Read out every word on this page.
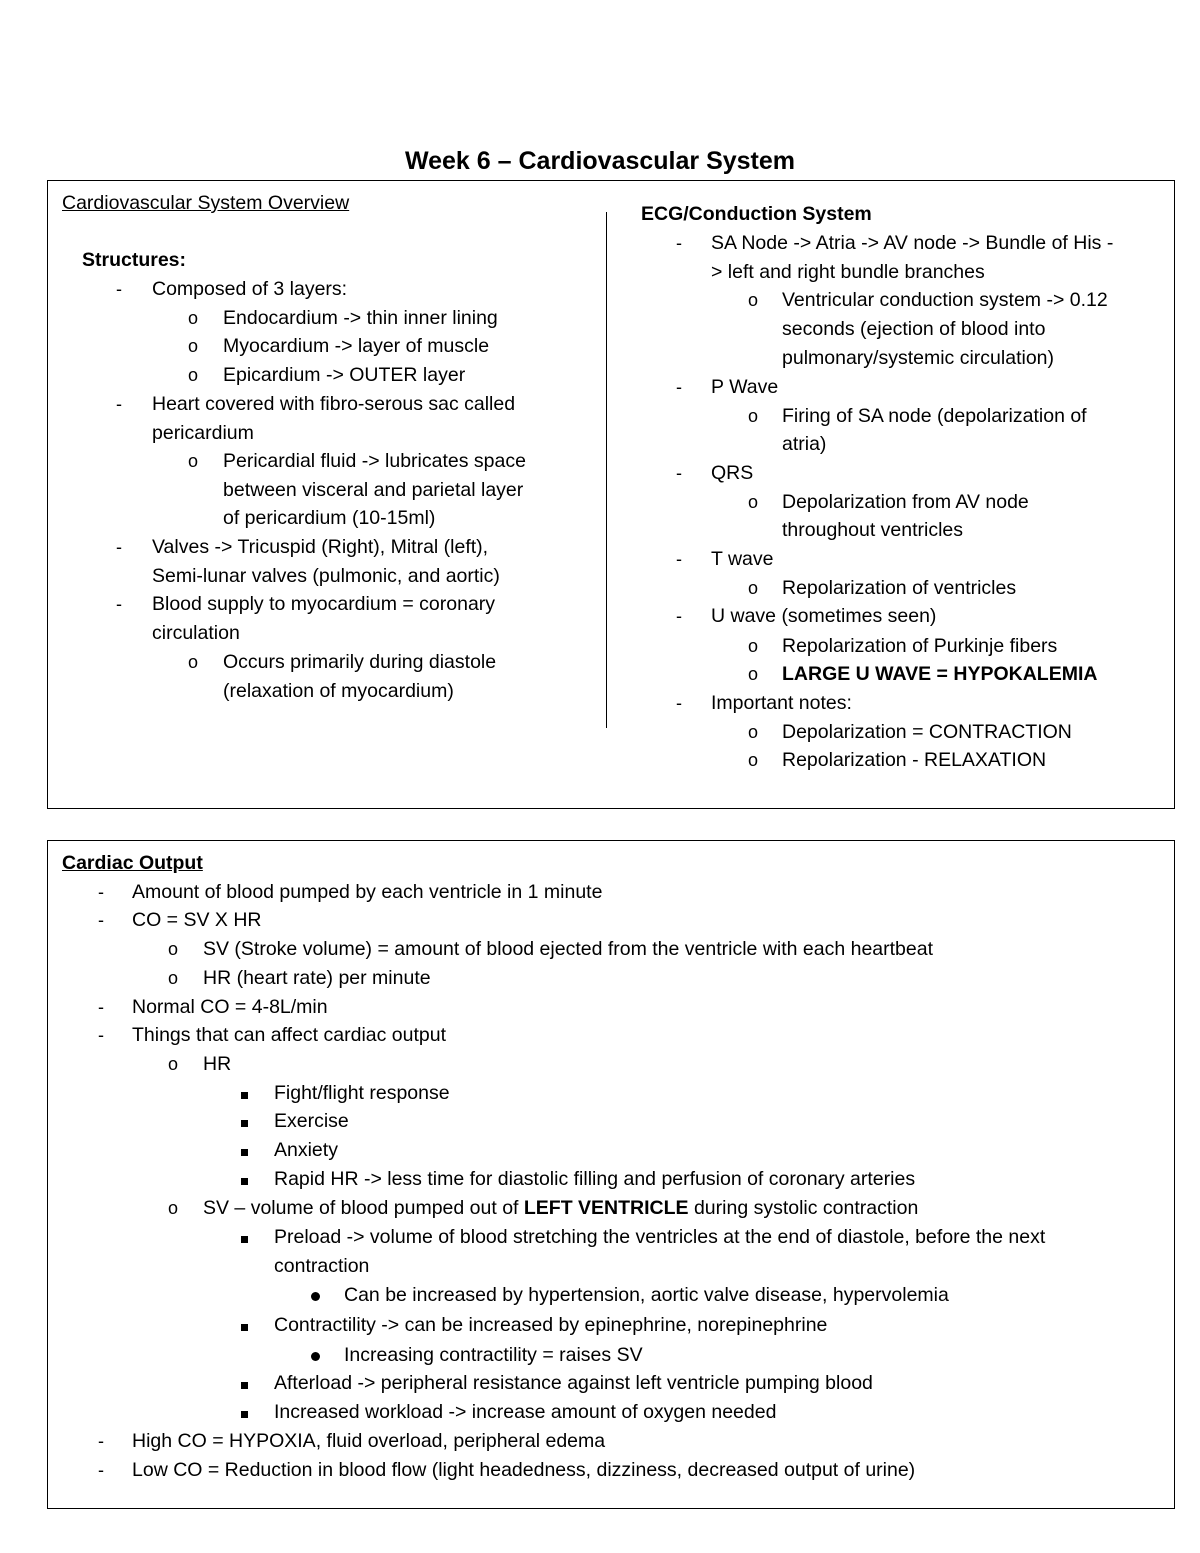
Week 6 – Cardiovascular System
Cardiovascular System Overview
Structures:
- Composed of 3 layers:
o Endocardium -> thin inner lining
o Myocardium -> layer of muscle
o Epicardium -> OUTER layer
- Heart covered with fibro-serous sac called
pericardium
o Pericardial fluid -> lubricates space
between visceral and parietal layer
of pericardium (10-15ml)
- Valves -> Tricuspid (Right), Mitral (left),
Semi-lunar valves (pulmonic, and aortic)
- Blood supply to myocardium = coronary
circulation
o Occurs primarily during diastole
(relaxation of myocardium)
ECG/Conduction System
- SA Node -> Atria -> AV node -> Bundle of His -
> left and right bundle branches
o Ventricular conduction system -> 0.12
seconds (ejection of blood into
pulmonary/systemic circulation)
- P Wave
o Firing of SA node (depolarization of
atria)
- QRS
o Depolarization from AV node
throughout ventricles
- T wave
o Repolarization of ventricles
- U wave (sometimes seen)
o Repolarization of Purkinje fibers
o LARGE U WAVE = HYPOKALEMIA
- Important notes:
o Depolarization = CONTRACTION
o Repolarization - RELAXATION
Cardiac Output
- Amount of blood pumped by each ventricle in 1 minute
- CO = SV X HR
o SV (Stroke volume) = amount of blood ejected from the ventricle with each heartbeat
o HR (heart rate) per minute
- Normal CO = 4-8L/min
- Things that can affect cardiac output
o HR
Fight/flight response
Exercise
Anxiety
Rapid HR -> less time for diastolic filling and perfusion of coronary arteries
o SV – volume of blood pumped out of LEFT VENTRICLE during systolic contraction
Preload -> volume of blood stretching the ventricles at the end of diastole, before the next
contraction
Can be increased by hypertension, aortic valve disease, hypervolemia
Contractility -> can be increased by epinephrine, norepinephrine
Increasing contractility = raises SV
Afterload -> peripheral resistance against left ventricle pumping blood
Increased workload -> increase amount of oxygen needed
- High CO = HYPOXIA, fluid overload, peripheral edema
- Low CO = Reduction in blood flow (light headedness, dizziness, decreased output of urine)
